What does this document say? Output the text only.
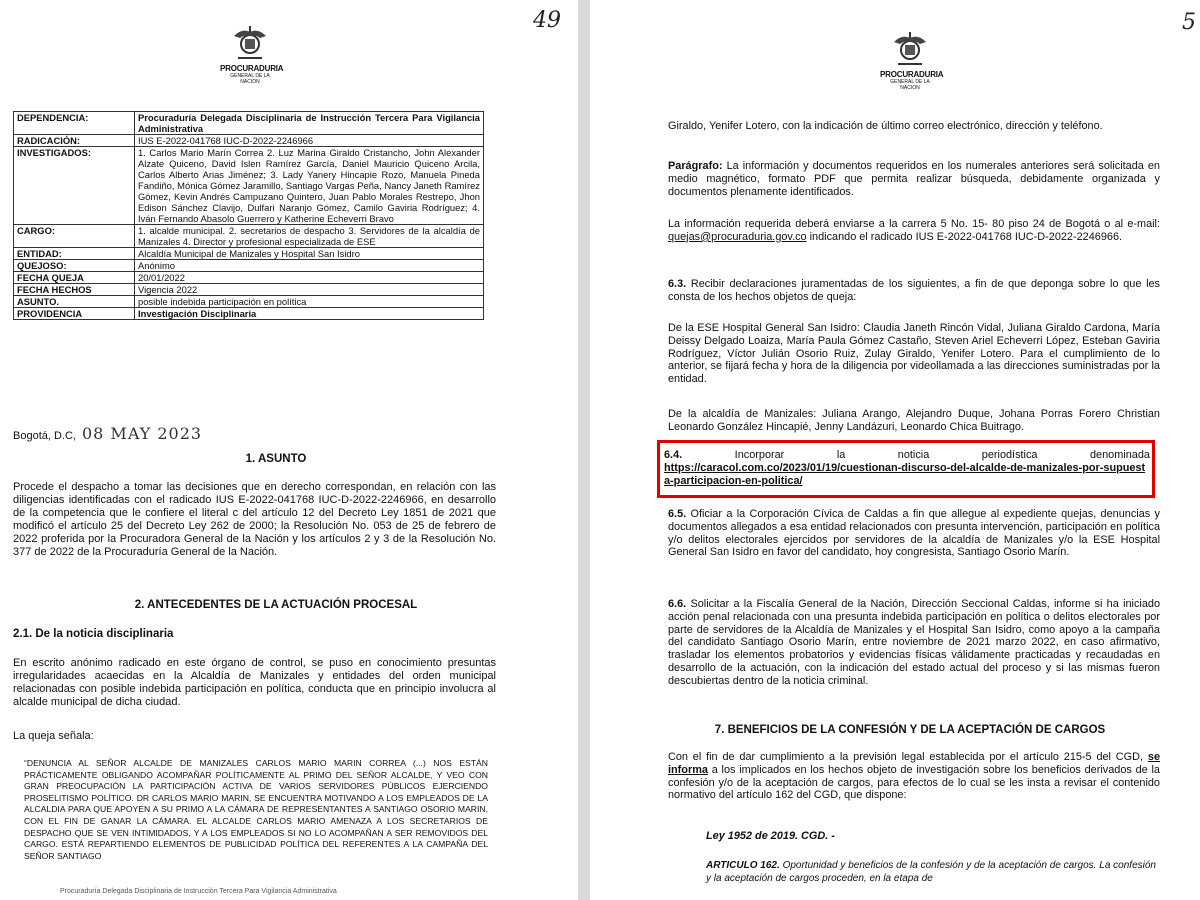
49
PROCURADURIA
GENERAL DE LA NACION
DEPENDENCIA:	Procuraduría Delegada Disciplinaria de Instrucción Tercera Para Vigilancia Administrativa
RADICACIÓN:	IUS E-2022-041768 IUC-D-2022-2246966
INVESTIGADOS:	1. Carlos Mario Marín Correa 2. Luz Marina Giraldo Cristancho, John Alexander Alzate Quiceno, David Islen Ramírez García, Daniel Mauricio Quiceno Arcila, Carlos Alberto Arias Jiménez; 3. Lady Yanery Hincapie Rozo, Manuela Pineda Fandiño, Mónica Gómez Jaramillo, Santiago Vargas Peña, Nancy Janeth Ramírez Gómez, Kevin Andrés Campuzano Quintero, Juan Pablo Morales Restrepo, Jhon Edison Sánchez Clavijo, Dulfari Naranjo Gómez, Camilo Gaviria Rodríguez; 4. Iván Fernando Abasolo Guerrero y Katherine Echeverri Bravo
CARGO:	1. alcalde municipal. 2. secretarios de despacho 3. Servidores de la alcaldía de Manizales 4. Director y profesional especializada de ESE
ENTIDAD:	Alcaldía Municipal de Manizales y Hospital San Isidro
QUEJOSO:	Anónimo
FECHA QUEJA	20/01/2022
FECHA HECHOS	Vigencia 2022
ASUNTO.	posible indebida participación en política
PROVIDENCIA	Investigación Disciplinaria
Bogotá, D.C, 08 MAY 2023
1. ASUNTO
Procede el despacho a tomar las decisiones que en derecho correspondan, en relación con las diligencias identificadas con el radicado IUS E-2022-041768 IUC-D-2022-2246966, en desarrollo de la competencia que le confiere el literal c del artículo 12 del Decreto Ley 1851 de 2021 que modificó el artículo 25 del Decreto Ley 262 de 2000; la Resolución No. 053 de 25 de febrero de 2022 proferida por la Procuradora General de la Nación y los artículos 2 y 3 de la Resolución No. 377 de 2022 de la Procuraduría General de la Nación.
2. ANTECEDENTES DE LA ACTUACIÓN PROCESAL
2.1. De la noticia disciplinaria
En escrito anónimo radicado en este órgano de control, se puso en conocimiento presuntas irregularidades acaecidas en la Alcaldía de Manizales y entidades del orden municipal relacionadas con posible indebida participación en política, conducta que en principio involucra al alcalde municipal de dicha ciudad.
La queja señala:
“DENUNCIA AL SEÑOR ALCALDE DE MANIZALES CARLOS MARIO MARIN CORREA (...) NOS ESTÁN PRÁCTICAMENTE OBLIGANDO ACOMPAÑAR POLÍTICAMENTE AL PRIMO DEL SEÑOR ALCALDE, Y VEO CON GRAN PREOCUPACIÓN LA PARTICIPACIÓN ACTIVA DE VARIOS SERVIDORES PÚBLICOS EJERCIENDO PROSELITISMO POLÍTICO. DR CARLOS MARIO MARIN, SE ENCUENTRA MOTIVANDO A LOS EMPLEADOS DE LA ALCALDIA PARA QUE APOYEN A SU PRIMO A LA CÁMARA DE REPRESENTANTES A SANTIAGO OSORIO MARIN, CON EL FIN DE GANAR LA CÁMARA. EL ALCALDE CARLOS MARIO AMENAZA A LOS SECRETARIOS DE DESPACHO QUE SE VEN INTIMIDADOS, Y A LOS EMPLEADOS SI NO LO ACOMPAÑAN A SER REMOVIDOS DEL CARGO. ESTÁ REPARTIENDO ELEMENTOS DE PUBLICIDAD POLÍTICA DEL REFERENTES A LA CAMPAÑA DEL SEÑOR SANTIAGO
Procuraduría Delegada Disciplinaria de Instrucción Tercera Para Vigilancia Administrativa
5
PROCURADURIA
GENERAL DE LA NACION
Giraldo, Yenifer Lotero, con la indicación de último correo electrónico, dirección y teléfono.
Parágrafo: La información y documentos requeridos en los numerales anteriores será solicitada en medio magnético, formato PDF que permita realizar búsqueda, debidamente organizada y documentos plenamente identificados.
La información requerida deberá enviarse a la carrera 5 No. 15- 80 piso 24 de Bogotá o al e-mail: quejas@procuraduria.gov.co indicando el radicado IUS E-2022-041768 IUC-D-2022-2246966.
6.3. Recibir declaraciones juramentadas de los siguientes, a fin de que deponga sobre lo que les consta de los hechos objetos de queja:
De la ESE Hospital General San Isidro: Claudia Janeth Rincón Vidal, Juliana Giraldo Cardona, María Deissy Delgado Loaiza, María Paula Gómez Castaño, Steven Ariel Echeverri López, Esteban Gaviria Rodríguez, Víctor Julián Osorio Ruiz, Zulay Giraldo, Yenifer Lotero. Para el cumplimiento de lo anterior, se fijará fecha y hora de la diligencia por videollamada a las direcciones suministradas por la entidad.
De la alcaldía de Manizales: Juliana Arango, Alejandro Duque, Johana Porras Forero Christian Leonardo González Hincapié, Jenny Landázuri, Leonardo Chica Buitrago.
6.4.	Incorporar	la	noticia	periodística	denominada
https://caracol.com.co/2023/01/19/cuestionan-discurso-del-alcalde-de-manizales-por-supuesta-participacion-en-politica/
6.5. Oficiar a la Corporación Cívica de Caldas a fin que allegue al expediente quejas, denuncias y documentos allegados a esa entidad relacionados con presunta intervención, participación en política y/o delitos electorales ejercidos por servidores de la alcaldía de Manizales y/o la ESE Hospital General San Isidro en favor del candidato, hoy congresista, Santiago Osorio Marín.
6.6. Solicitar a la Fiscalía General de la Nación, Dirección Seccional Caldas, informe si ha iniciado acción penal relacionada con una presunta indebida participación en política o delitos electorales por parte de servidores de la Alcaldía de Manizales y el Hospital San Isidro, como apoyo a la campaña del candidato Santiago Osorio Marín, entre noviembre de 2021 marzo 2022, en caso afirmativo, trasladar los elementos probatorios y evidencias físicas válidamente practicadas y recaudadas en desarrollo de la actuación, con la indicación del estado actual del proceso y si las mismas fueron descubiertas dentro de la noticia criminal.
7. BENEFICIOS DE LA CONFESIÓN Y DE LA ACEPTACIÓN DE CARGOS
Con el fin de dar cumplimiento a la previsión legal establecida por el artículo 215-5 del CGD, se informa a los implicados en los hechos objeto de investigación sobre los beneficios derivados de la confesión y/o de la aceptación de cargos, para efectos de lo cual se les insta a revisar el contenido normativo del artículo 162 del CGD, que dispone:
Ley 1952 de 2019. CGD. -
ARTICULO 162. Oportunidad y beneficios de la confesión y de la aceptación de cargos. La confesión y la aceptación de cargos proceden, en la etapa de
